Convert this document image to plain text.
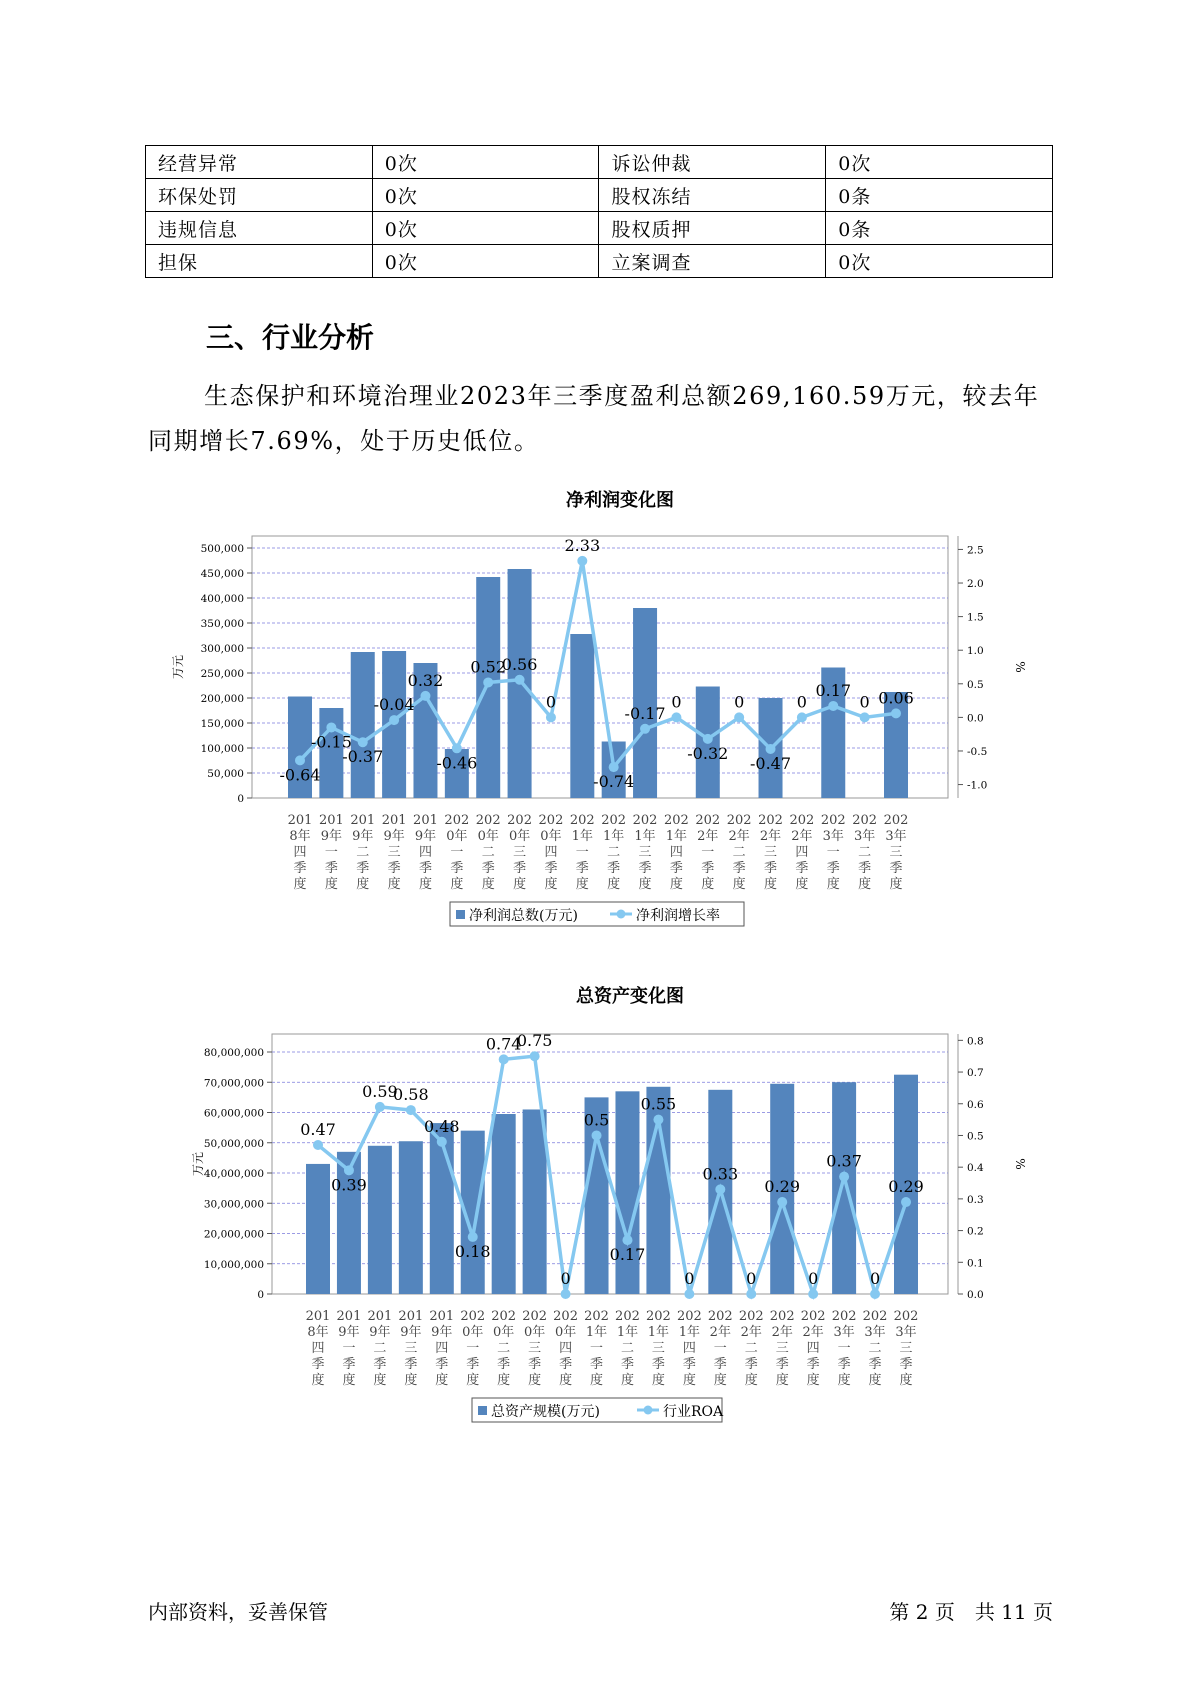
经营异常	0次	诉讼仲裁	0次
环保处罚	0次	股权冻结	0条
违规信息	0次	股权质押	0条
担保	0次	立案调查	0次
三、行业分析

生态保护和环境治理业2023年三季度盈利总额269,160.59万元，较去年同期增长7.69%，处于历史低位。

净利润变化图
0
50,000
100,000
150,000
200,000
250,000
300,000
350,000
400,000
450,000
500,000
-1.0
-0.5
0.0
0.5
1.0
1.5
2.0
2.5
万元	%
-0.64
-0.15
-0.37
-0.04
0.32
-0.46
0.52
0.56
0
2.33
-0.74
-0.17
0
-0.32
0
-0.47
0
0.17
0 0.06
201
8年
四
季
度
201
9年
一
季
度
201
9年
二
季
度
201
9年
三
季
度
201
9年
四
季
度
202
0年
一
季
度
202
0年
二
季
度
202
0年
三
季
度
202
0年
四
季
度
202
1年
一
季
度
202
1年
二
季
度
202
1年
三
季
度
202
1年
四
季
度
202
2年
一
季
度
202
2年
二
季
度
202
2年
三
季
度
202
2年
四
季
度
202
3年
一
季
度
202
3年
二
季
度
202
3年
三
季
度
净利润总数(万元)	净利润增长率
总资产变化图
0
10,000,000
20,000,000
30,000,000
40,000,000
50,000,000
60,000,000
70,000,000
80,000,000
0.0
0.1
0.2
0.3
0.4
0.5
0.6
0.7
0.8
万元	%
0.47
0.39
0.59
0.58
0.48
0.18
0.74
0.75
0
0.5
0.17
0.55
0
0.33
0
0.29
0
0.37
0
0.29
201
8年
四
季
度
201
9年
一
季
度
201
9年
二
季
度
201
9年
三
季
度
201
9年
四
季
度
202
0年
一
季
度
202
0年
二
季
度
202
0年
三
季
度
202
0年
四
季
度
202
1年
一
季
度
202
1年
二
季
度
202
1年
三
季
度
202
1年
四
季
度
202
2年
一
季
度
202
2年
二
季
度
202
2年
三
季
度
202
2年
四
季
度
202
3年
一
季
度
202
3年
二
季
度
202
3年
三
季
度
总资产规模(万元)	行业ROA
内部资料，妥善保管	第 2 页　共 11 页
